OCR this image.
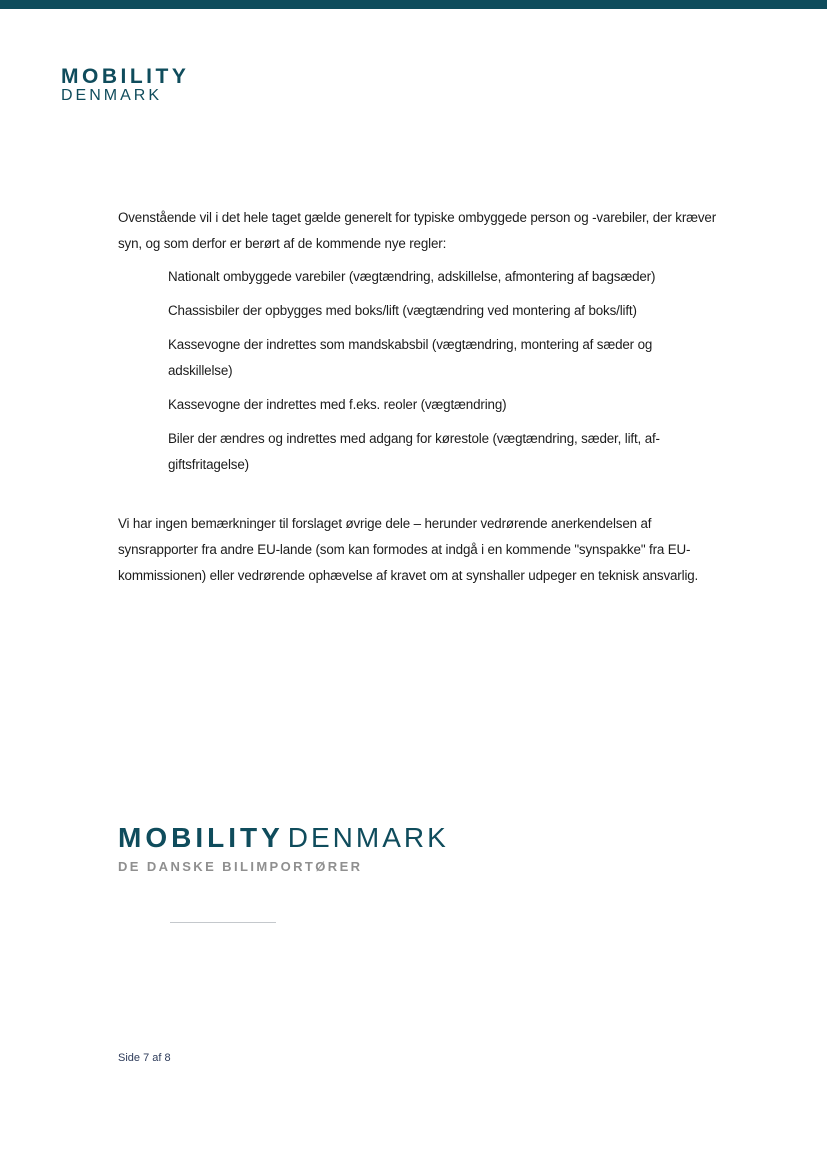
MOBILITY
DENMARK

Ovenstående vil i det hele taget gælde generelt for typiske ombyggede person og -varebiler, der kræver syn, og som derfor er berørt af de kommende nye regler:

Nationalt ombyggede varebiler (vægtændring, adskillelse, afmontering af bagsæder)

Chassisbiler der opbygges med boks/lift (vægtændring ved montering af boks/lift)

Kassevogne der indrettes som mandskabsbil (vægtændring, montering af sæder og adskillelse)

Kassevogne der indrettes med f.eks. reoler (vægtændring)

Biler der ændres og indrettes med adgang for kørestole (vægtændring, sæder, lift, af-giftsfritagelse)

Vi har ingen bemærkninger til forslaget øvrige dele – herunder vedrørende anerkendelsen af synsrapporter fra andre EU-lande (som kan formodes at indgå i en kommende "synspakke" fra EU-kommissionen) eller vedrørende ophævelse af kravet om at synshaller udpeger en teknisk ansvarlig.

MOBILITY DENMARK
DE DANSKE BILIMPORTØRER
Side 7 af 8
